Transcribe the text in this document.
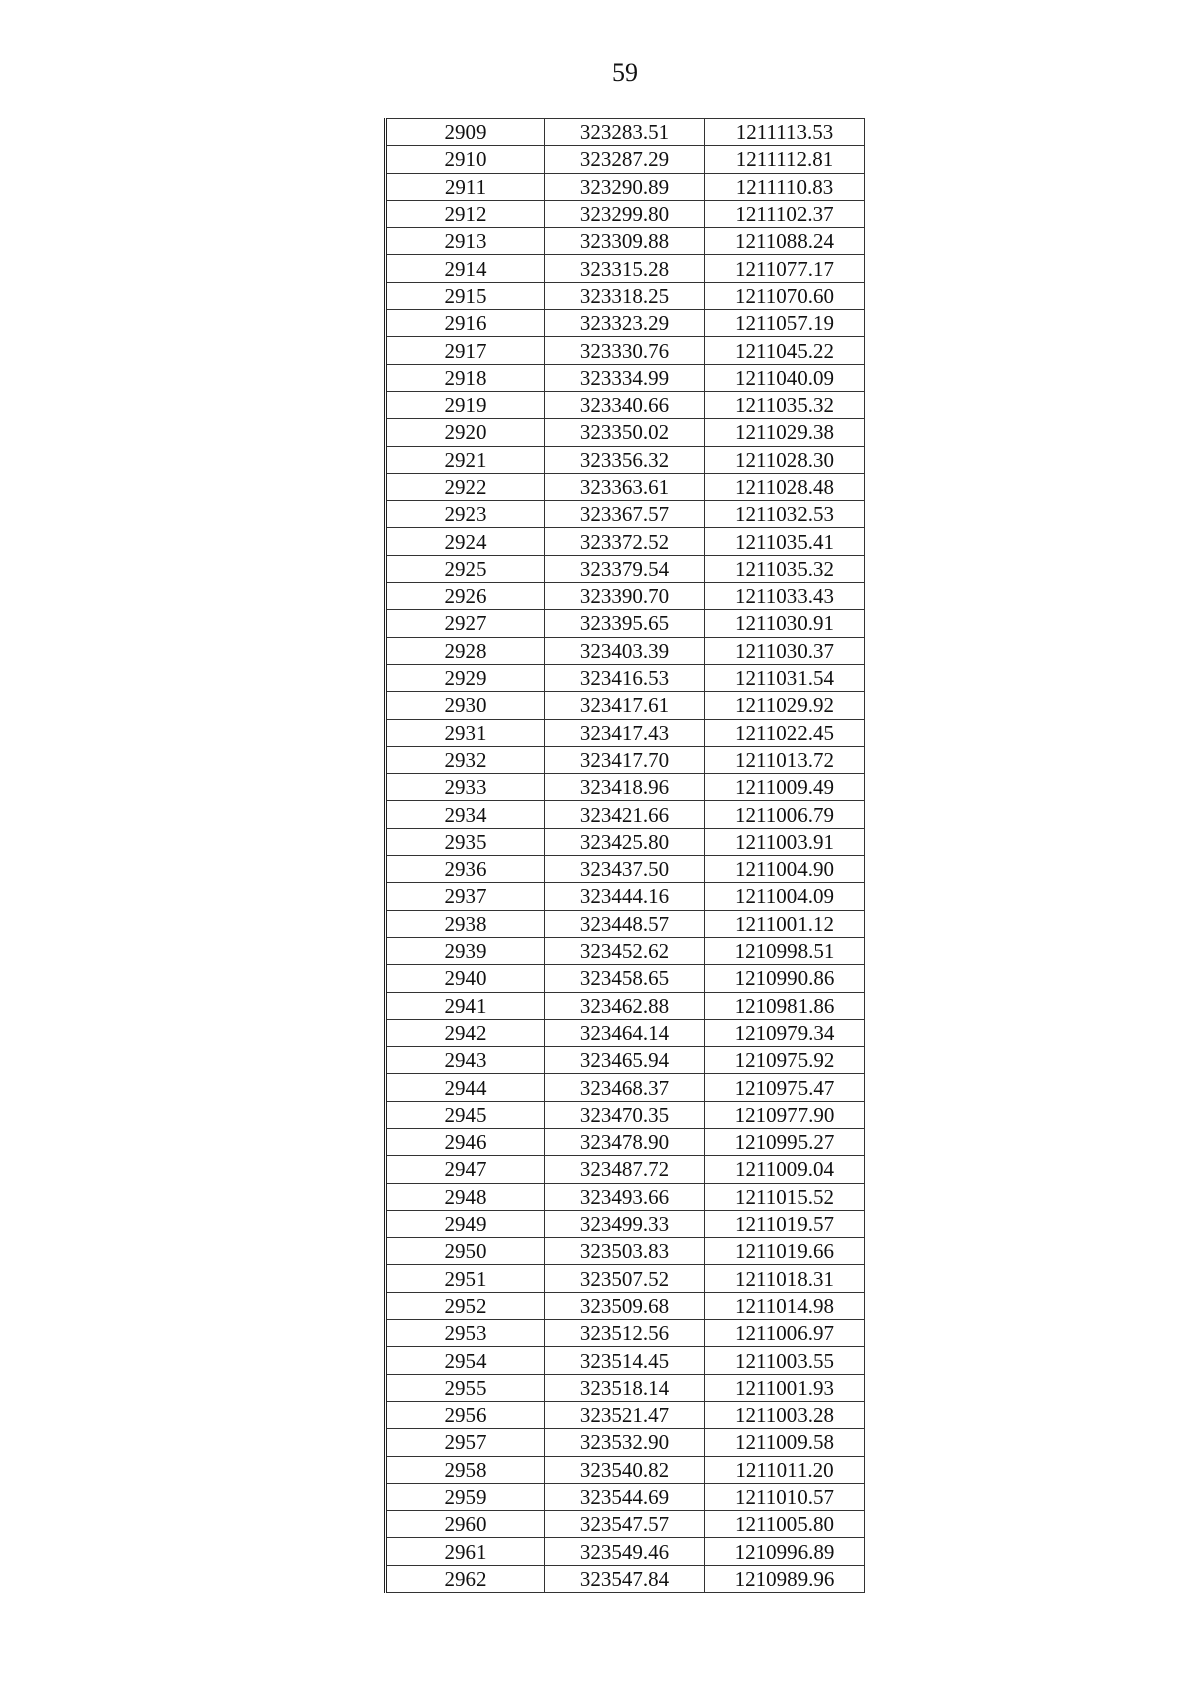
59
2909	323283.51	1211113.53
2910	323287.29	1211112.81
2911	323290.89	1211110.83
2912	323299.80	1211102.37
2913	323309.88	1211088.24
2914	323315.28	1211077.17
2915	323318.25	1211070.60
2916	323323.29	1211057.19
2917	323330.76	1211045.22
2918	323334.99	1211040.09
2919	323340.66	1211035.32
2920	323350.02	1211029.38
2921	323356.32	1211028.30
2922	323363.61	1211028.48
2923	323367.57	1211032.53
2924	323372.52	1211035.41
2925	323379.54	1211035.32
2926	323390.70	1211033.43
2927	323395.65	1211030.91
2928	323403.39	1211030.37
2929	323416.53	1211031.54
2930	323417.61	1211029.92
2931	323417.43	1211022.45
2932	323417.70	1211013.72
2933	323418.96	1211009.49
2934	323421.66	1211006.79
2935	323425.80	1211003.91
2936	323437.50	1211004.90
2937	323444.16	1211004.09
2938	323448.57	1211001.12
2939	323452.62	1210998.51
2940	323458.65	1210990.86
2941	323462.88	1210981.86
2942	323464.14	1210979.34
2943	323465.94	1210975.92
2944	323468.37	1210975.47
2945	323470.35	1210977.90
2946	323478.90	1210995.27
2947	323487.72	1211009.04
2948	323493.66	1211015.52
2949	323499.33	1211019.57
2950	323503.83	1211019.66
2951	323507.52	1211018.31
2952	323509.68	1211014.98
2953	323512.56	1211006.97
2954	323514.45	1211003.55
2955	323518.14	1211001.93
2956	323521.47	1211003.28
2957	323532.90	1211009.58
2958	323540.82	1211011.20
2959	323544.69	1211010.57
2960	323547.57	1211005.80
2961	323549.46	1210996.89
2962	323547.84	1210989.96
